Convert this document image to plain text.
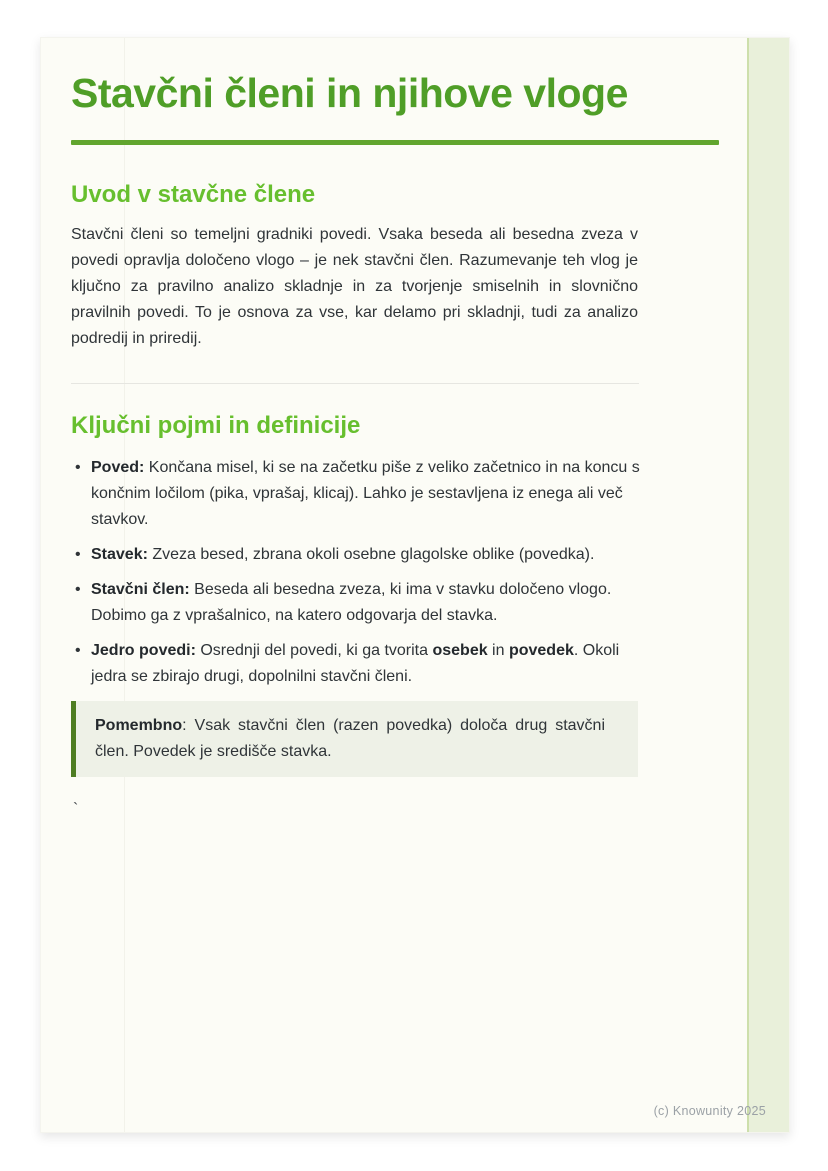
Stavčni členi in njihove vloge
Uvod v stavčne člene

Stavčni členi so temeljni gradniki povedi. Vsaka beseda ali besedna zveza v povedi opravlja določeno vlogo – je nek stavčni člen. Razumevanje teh vlog je ključno za pravilno analizo skladnje in za tvorjenje smiselnih in slovnično pravilnih povedi. To je osnova za vse, kar delamo pri skladnji, tudi za analizo podredij in priredij.

Ključni pojmi in definicije
• Poved: Končana misel, ki se na začetku piše z veliko začetnico in na koncu s končnim ločilom (pika, vprašaj, klicaj). Lahko je sestavljena iz enega ali več stavkov.
• Stavek: Zveza besed, zbrana okoli osebne glagolske oblike (povedka).
• Stavčni člen: Beseda ali besedna zveza, ki ima v stavku določeno vlogo. Dobimo ga z vprašalnico, na katero odgovarja del stavka.
• Jedro povedi: Osrednji del povedi, ki ga tvorita osebek in povedek. Okoli jedra se zbirajo drugi, dopolnilni stavčni členi.

Pomembno: Vsak stavčni člen (razen povedka) določa drug stavčni člen. Povedek je središče stavka.

`
(c) Knowunity 2025
